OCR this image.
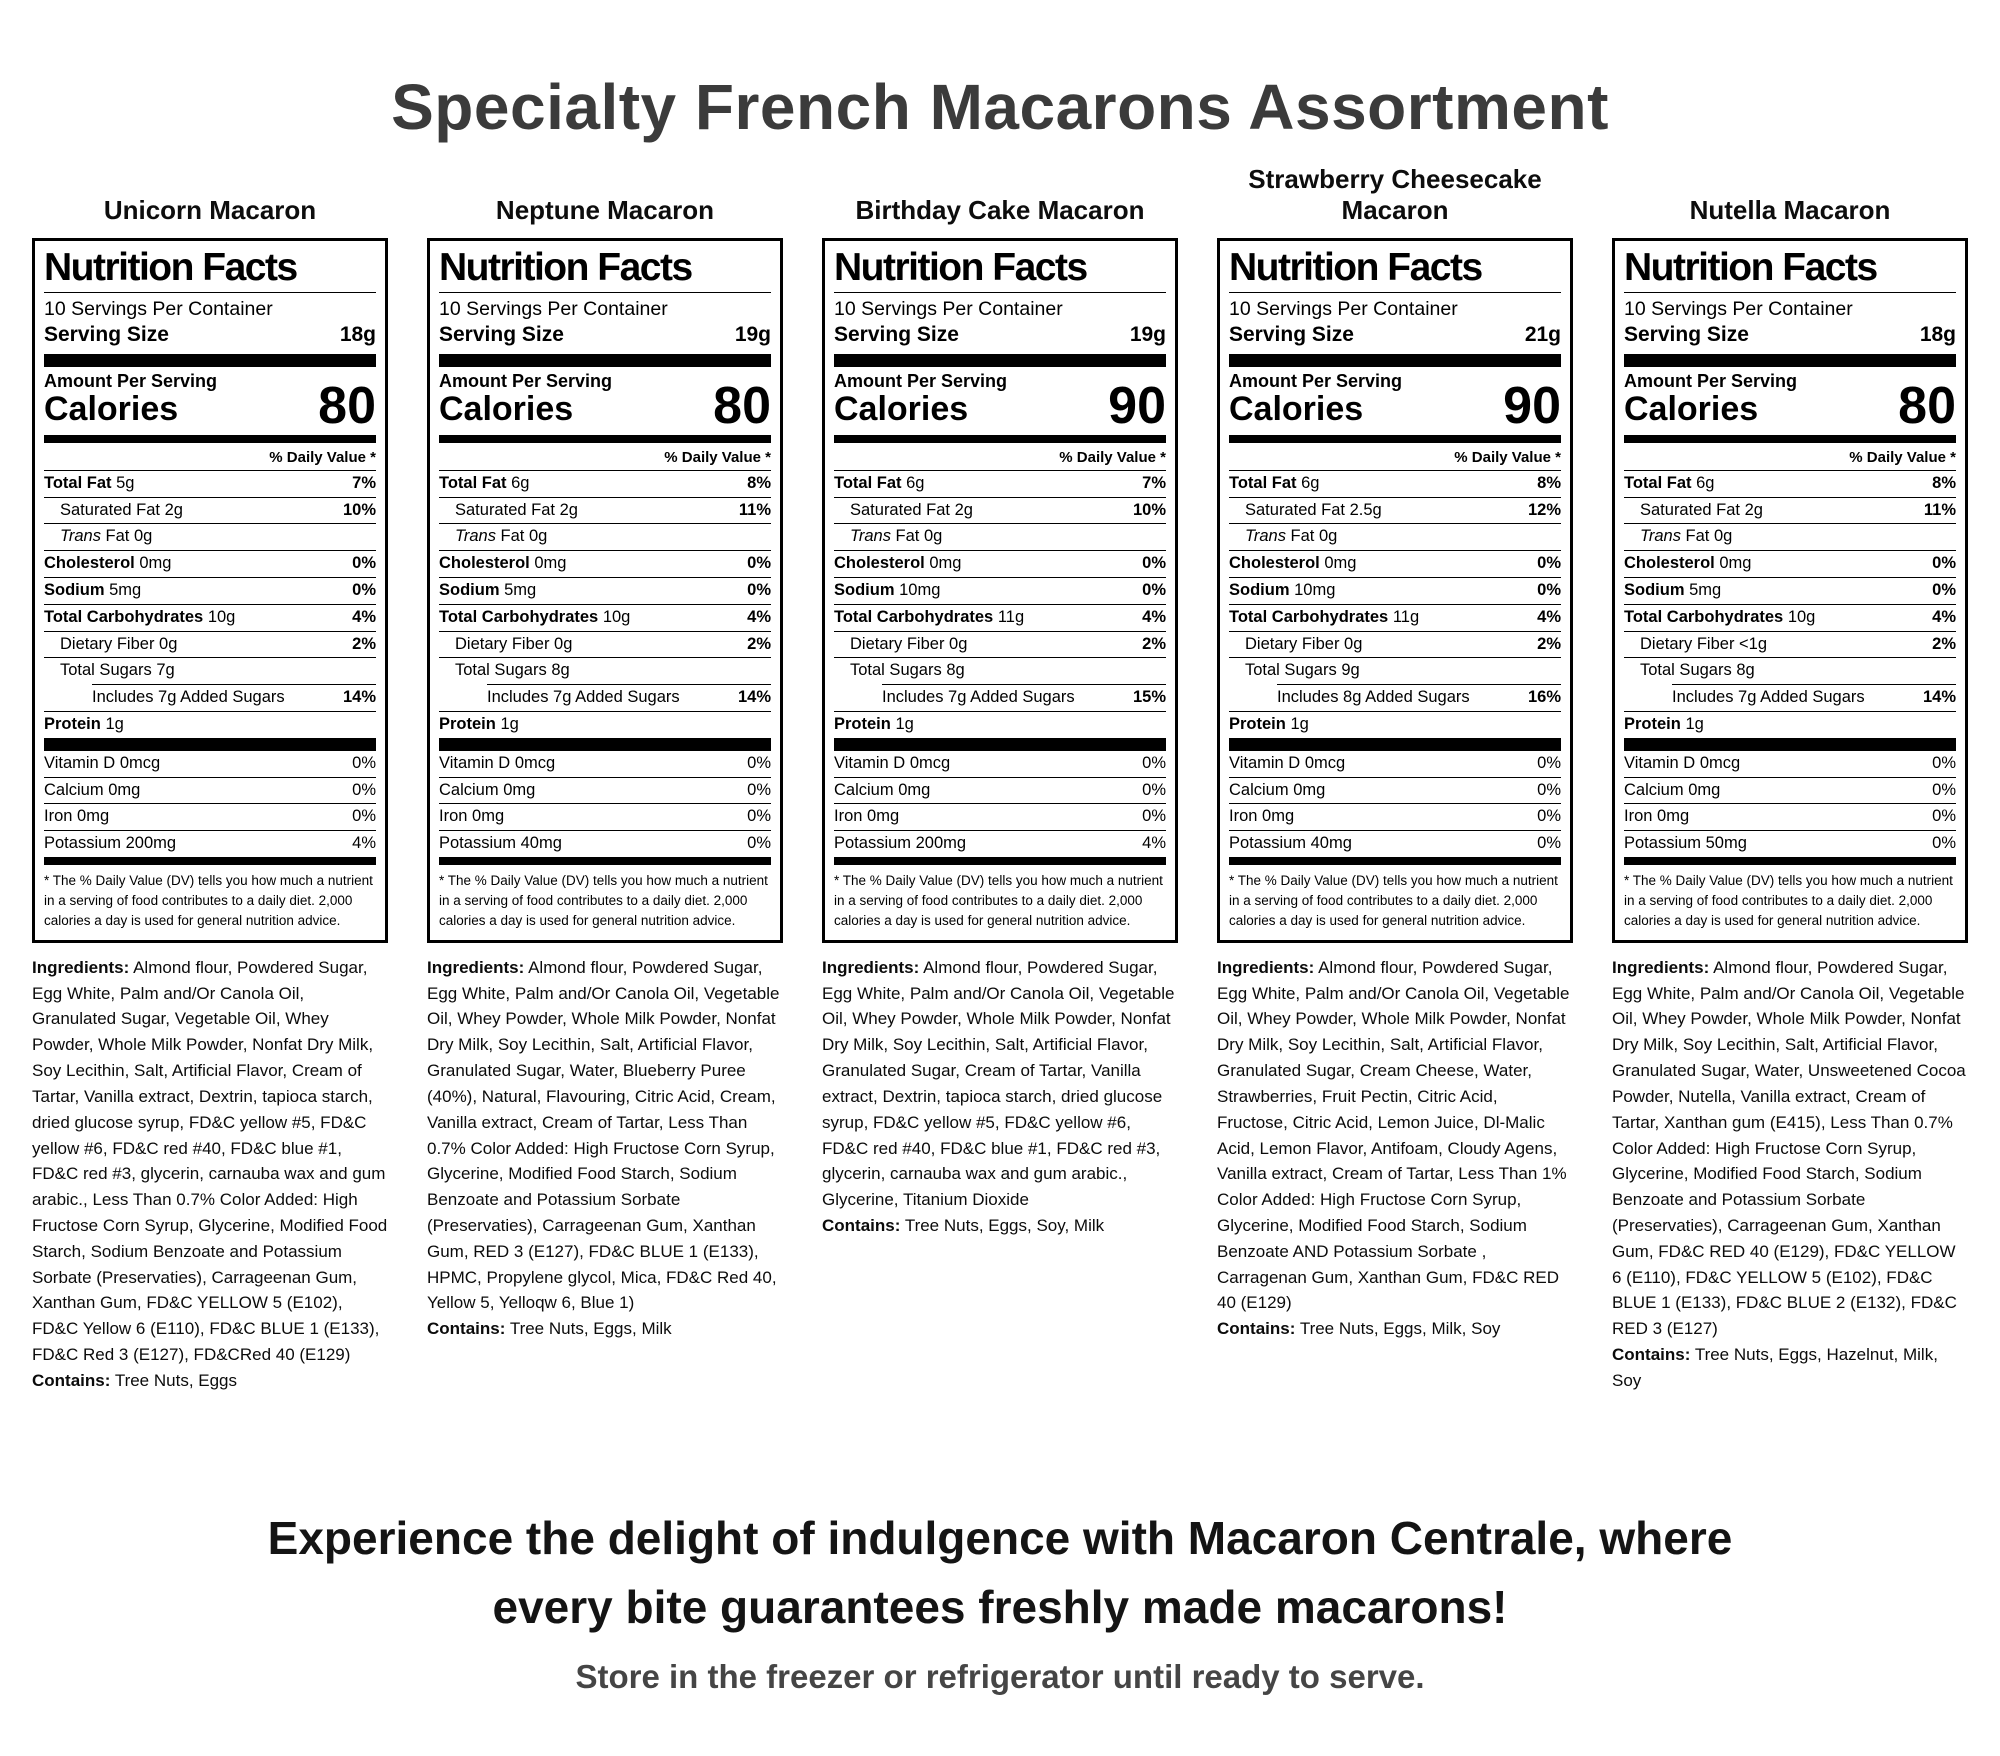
Specialty French Macarons Assortment
Unicorn Macaron
Nutrition Facts
10 Servings Per Container
Serving Size	18g
Amount Per Serving
Calories	80
% Daily Value *
Total Fat 5g	7%
Saturated Fat 2g	10%
Trans Fat 0g
Cholesterol 0mg	0%
Sodium 5mg	0%
Total Carbohydrates 10g	4%
Dietary Fiber 0g	2%
Total Sugars 7g
Includes 7g Added Sugars	14%
Protein 1g
Vitamin D 0mcg	0%
Calcium 0mg	0%
Iron 0mg	0%
Potassium 200mg	4%
* The % Daily Value (DV) tells you how much a nutrient in a serving of food contributes to a daily diet. 2,000 calories a day is used for general nutrition advice.
Ingredients: Almond flour, Powdered Sugar, Egg White, Palm and/Or Canola Oil, Granulated Sugar, Vegetable Oil, Whey Powder, Whole Milk Powder, Nonfat Dry Milk, Soy Lecithin, Salt, Artificial Flavor, Cream of Tartar, Vanilla extract, Dextrin, tapioca starch, dried glucose syrup, FD&C yellow #5, FD&C yellow #6, FD&C red #40, FD&C blue #1, FD&C red #3, glycerin, carnauba wax and gum arabic., Less Than 0.7% Color Added: High Fructose Corn Syrup, Glycerine, Modified Food Starch, Sodium Benzoate and Potassium Sorbate (Preservaties), Carrageenan Gum, Xanthan Gum, FD&C YELLOW 5 (E102), FD&C Yellow 6 (E110), FD&C BLUE 1 (E133), FD&C Red 3 (E127), FD&CRed 40 (E129)
Contains: Tree Nuts, Eggs
Neptune Macaron
Nutrition Facts
10 Servings Per Container
Serving Size	19g
Amount Per Serving
Calories	80
% Daily Value *
Total Fat 6g	8%
Saturated Fat 2g	11%
Trans Fat 0g
Cholesterol 0mg	0%
Sodium 5mg	0%
Total Carbohydrates 10g	4%
Dietary Fiber 0g	2%
Total Sugars 8g
Includes 7g Added Sugars	14%
Protein 1g
Vitamin D 0mcg	0%
Calcium 0mg	0%
Iron 0mg	0%
Potassium 40mg	0%
* The % Daily Value (DV) tells you how much a nutrient in a serving of food contributes to a daily diet. 2,000 calories a day is used for general nutrition advice.
Ingredients: Almond flour, Powdered Sugar, Egg White, Palm and/Or Canola Oil, Vegetable Oil, Whey Powder, Whole Milk Powder, Nonfat Dry Milk, Soy Lecithin, Salt, Artificial Flavor, Granulated Sugar, Water, Blueberry Puree (40%), Natural, Flavouring, Citric Acid, Cream, Vanilla extract, Cream of Tartar, Less Than 0.7% Color Added: High Fructose Corn Syrup, Glycerine, Modified Food Starch, Sodium Benzoate and Potassium Sorbate (Preservaties), Carrageenan Gum, Xanthan Gum, RED 3 (E127), FD&C BLUE 1 (E133), HPMC, Propylene glycol, Mica, FD&C Red 40, Yellow 5, Yelloqw 6, Blue 1)
Contains: Tree Nuts, Eggs, Milk
Birthday Cake Macaron
Nutrition Facts
10 Servings Per Container
Serving Size	19g
Amount Per Serving
Calories	90
% Daily Value *
Total Fat 6g	7%
Saturated Fat 2g	10%
Trans Fat 0g
Cholesterol 0mg	0%
Sodium 10mg	0%
Total Carbohydrates 11g	4%
Dietary Fiber 0g	2%
Total Sugars 8g
Includes 7g Added Sugars	15%
Protein 1g
Vitamin D 0mcg	0%
Calcium 0mg	0%
Iron 0mg	0%
Potassium 200mg	4%
* The % Daily Value (DV) tells you how much a nutrient in a serving of food contributes to a daily diet. 2,000 calories a day is used for general nutrition advice.
Ingredients: Almond flour, Powdered Sugar, Egg White, Palm and/Or Canola Oil, Vegetable Oil, Whey Powder, Whole Milk Powder, Nonfat Dry Milk, Soy Lecithin, Salt, Artificial Flavor, Granulated Sugar, Cream of Tartar, Vanilla extract, Dextrin, tapioca starch, dried glucose syrup, FD&C yellow #5, FD&C yellow #6, FD&C red #40, FD&C blue #1, FD&C red #3, glycerin, carnauba wax and gum arabic., Glycerine, Titanium Dioxide
Contains: Tree Nuts, Eggs, Soy, Milk
Strawberry Cheesecake Macaron
Nutrition Facts
10 Servings Per Container
Serving Size	21g
Amount Per Serving
Calories	90
% Daily Value *
Total Fat 6g	8%
Saturated Fat 2.5g	12%
Trans Fat 0g
Cholesterol 0mg	0%
Sodium 10mg	0%
Total Carbohydrates 11g	4%
Dietary Fiber 0g	2%
Total Sugars 9g
Includes 8g Added Sugars	16%
Protein 1g
Vitamin D 0mcg	0%
Calcium 0mg	0%
Iron 0mg	0%
Potassium 40mg	0%
* The % Daily Value (DV) tells you how much a nutrient in a serving of food contributes to a daily diet. 2,000 calories a day is used for general nutrition advice.
Ingredients: Almond flour, Powdered Sugar, Egg White, Palm and/Or Canola Oil, Vegetable Oil, Whey Powder, Whole Milk Powder, Nonfat Dry Milk, Soy Lecithin, Salt, Artificial Flavor, Granulated Sugar, Cream Cheese, Water, Strawberries, Fruit Pectin, Citric Acid, Fructose, Citric Acid, Lemon Juice, Dl-Malic Acid, Lemon Flavor, Antifoam, Cloudy Agens, Vanilla extract, Cream of Tartar, Less Than 1% Color Added: High Fructose Corn Syrup, Glycerine, Modified Food Starch, Sodium Benzoate AND Potassium Sorbate , Carragenan Gum, Xanthan Gum, FD&C RED 40 (E129)
Contains: Tree Nuts, Eggs, Milk, Soy
Nutella Macaron
Nutrition Facts
10 Servings Per Container
Serving Size	18g
Amount Per Serving
Calories	80
% Daily Value *
Total Fat 6g	8%
Saturated Fat 2g	11%
Trans Fat 0g
Cholesterol 0mg	0%
Sodium 5mg	0%
Total Carbohydrates 10g	4%
Dietary Fiber <1g	2%
Total Sugars 8g
Includes 7g Added Sugars	14%
Protein 1g
Vitamin D 0mcg	0%
Calcium 0mg	0%
Iron 0mg	0%
Potassium 50mg	0%
* The % Daily Value (DV) tells you how much a nutrient in a serving of food contributes to a daily diet. 2,000 calories a day is used for general nutrition advice.
Ingredients: Almond flour, Powdered Sugar, Egg White, Palm and/Or Canola Oil, Vegetable Oil, Whey Powder, Whole Milk Powder, Nonfat Dry Milk, Soy Lecithin, Salt, Artificial Flavor, Granulated Sugar, Water, Unsweetened Cocoa Powder, Nutella, Vanilla extract, Cream of Tartar, Xanthan gum (E415), Less Than 0.7% Color Added: High Fructose Corn Syrup, Glycerine, Modified Food Starch, Sodium Benzoate and Potassium Sorbate (Preservaties), Carrageenan Gum, Xanthan Gum, FD&C RED 40 (E129), FD&C YELLOW 6 (E110), FD&C YELLOW 5 (E102), FD&C BLUE 1 (E133), FD&C BLUE 2 (E132), FD&C RED 3 (E127)
Contains: Tree Nuts, Eggs, Hazelnut, Milk, Soy
Experience the delight of indulgence with Macaron Centrale, where every bite guarantees freshly made macarons!
Store in the freezer or refrigerator until ready to serve.
